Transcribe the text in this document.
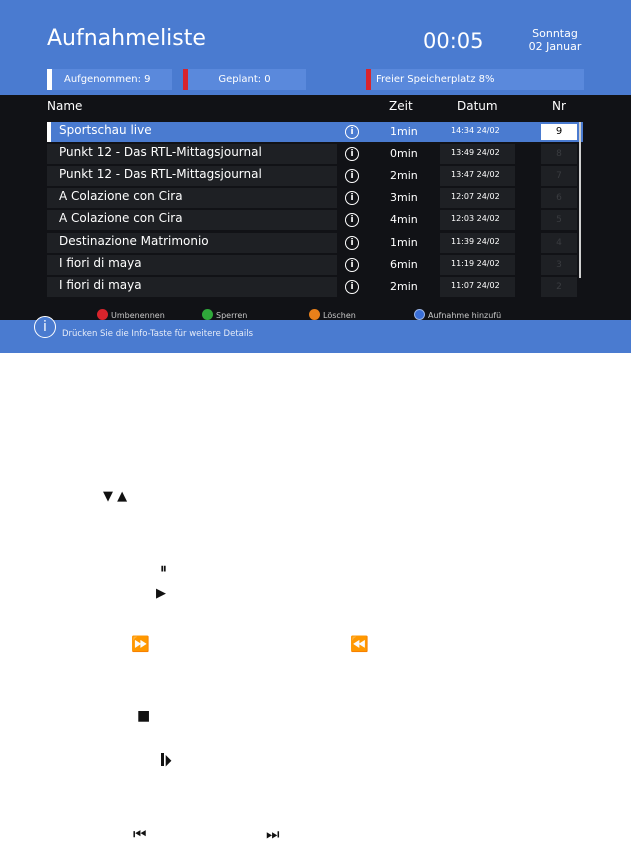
Aufnahmeliste	00:05	Sonntag
02 Januar
Aufgenommen: 9	Geplant: 0	Freier Speicherplatz 8%
Name	Zeit	Datum	Nr
Sportschau live	i	1min	14:34 24/02	9
Punkt 12 - Das RTL-Mittagsjournal	i	0min	13:49 24/02	8
Punkt 12 - Das RTL-Mittagsjournal	i	2min	13:47 24/02	7
A Colazione con Cira	i	3min	12:07 24/02	6
A Colazione con Cira	i	4min	12:03 24/02	5
Destinazione Matrimonio	i	1min	11:39 24/02	4
I fiori di maya	i	6min	11:19 24/02	3
I fiori di maya	i	2min	11:07 24/02	2
Umbenennen	Sperren	Löschen	Aufnahme hinzufü
i	Drücken Sie die Info-Taste für weitere Details
▼ ▲
⏸
▶
⏩	⏪
■
⏵
⏮	⏭
